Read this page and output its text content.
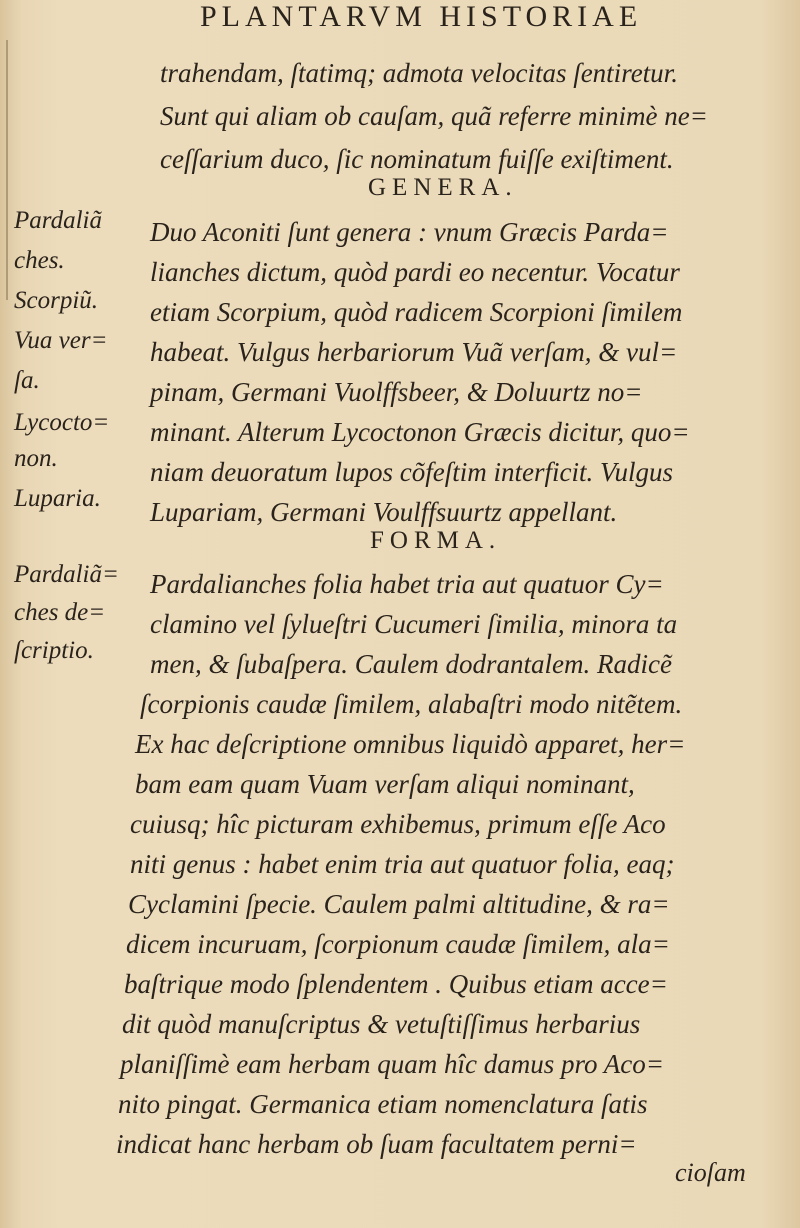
PLANTARVM HISTORIAE
trahendam, ſtatimq; admota velocitas ſentiretur.
Sunt qui aliam ob cauſam, quã referre minimè ne=
ceſſarium duco, ſic nominatum fuiſſe exiſtiment.
GENERA.
Duo Aconiti ſunt genera : vnum Græcis Parda=
lianches dictum, quòd pardi eo necentur. Vocatur
etiam Scorpium, quòd radicem Scorpioni ſimilem
habeat. Vulgus herbariorum Vuã verſam, & vul=
pinam, Germani Vuolffsbeer, & Doluurtz no=
minant. Alterum Lycoctonon Græcis dicitur, quo=
niam deuoratum lupos cõfeſtim interficit. Vulgus
Lupariam, Germani Voulffsuurtz appellant.
Pardaliã
ches.
Scorpiũ.
Vua ver=
ſa.
Lycocto=
non.
Luparia.
FORMA.
Pardalianches folia habet tria aut quatuor Cy=
clamino vel ſylueſtri Cucumeri ſimilia, minora ta
men, & ſubaſpera. Caulem dodrantalem. Radicẽ
ſcorpionis caudæ ſimilem, alabaſtri modo nitẽtem.
Ex hac deſcriptione omnibus liquidò apparet, her=
bam eam quam Vuam verſam aliqui nominant,
cuiusq; hîc picturam exhibemus, primum eſſe Aco
niti genus : habet enim tria aut quatuor folia, eaq;
Cyclamini ſpecie. Caulem palmi altitudine, & ra=
dicem incuruam, ſcorpionum caudæ ſimilem, ala=
baſtrique modo ſplendentem . Quibus etiam acce=
dit quòd manuſcriptus & vetuſtiſſimus herbarius
planiſſimè eam herbam quam hîc damus pro Aco=
nito pingat. Germanica etiam nomenclatura ſatis
indicat hanc herbam ob ſuam facultatem perni=
Pardaliã=
ches de=
ſcriptio.
cioſam
